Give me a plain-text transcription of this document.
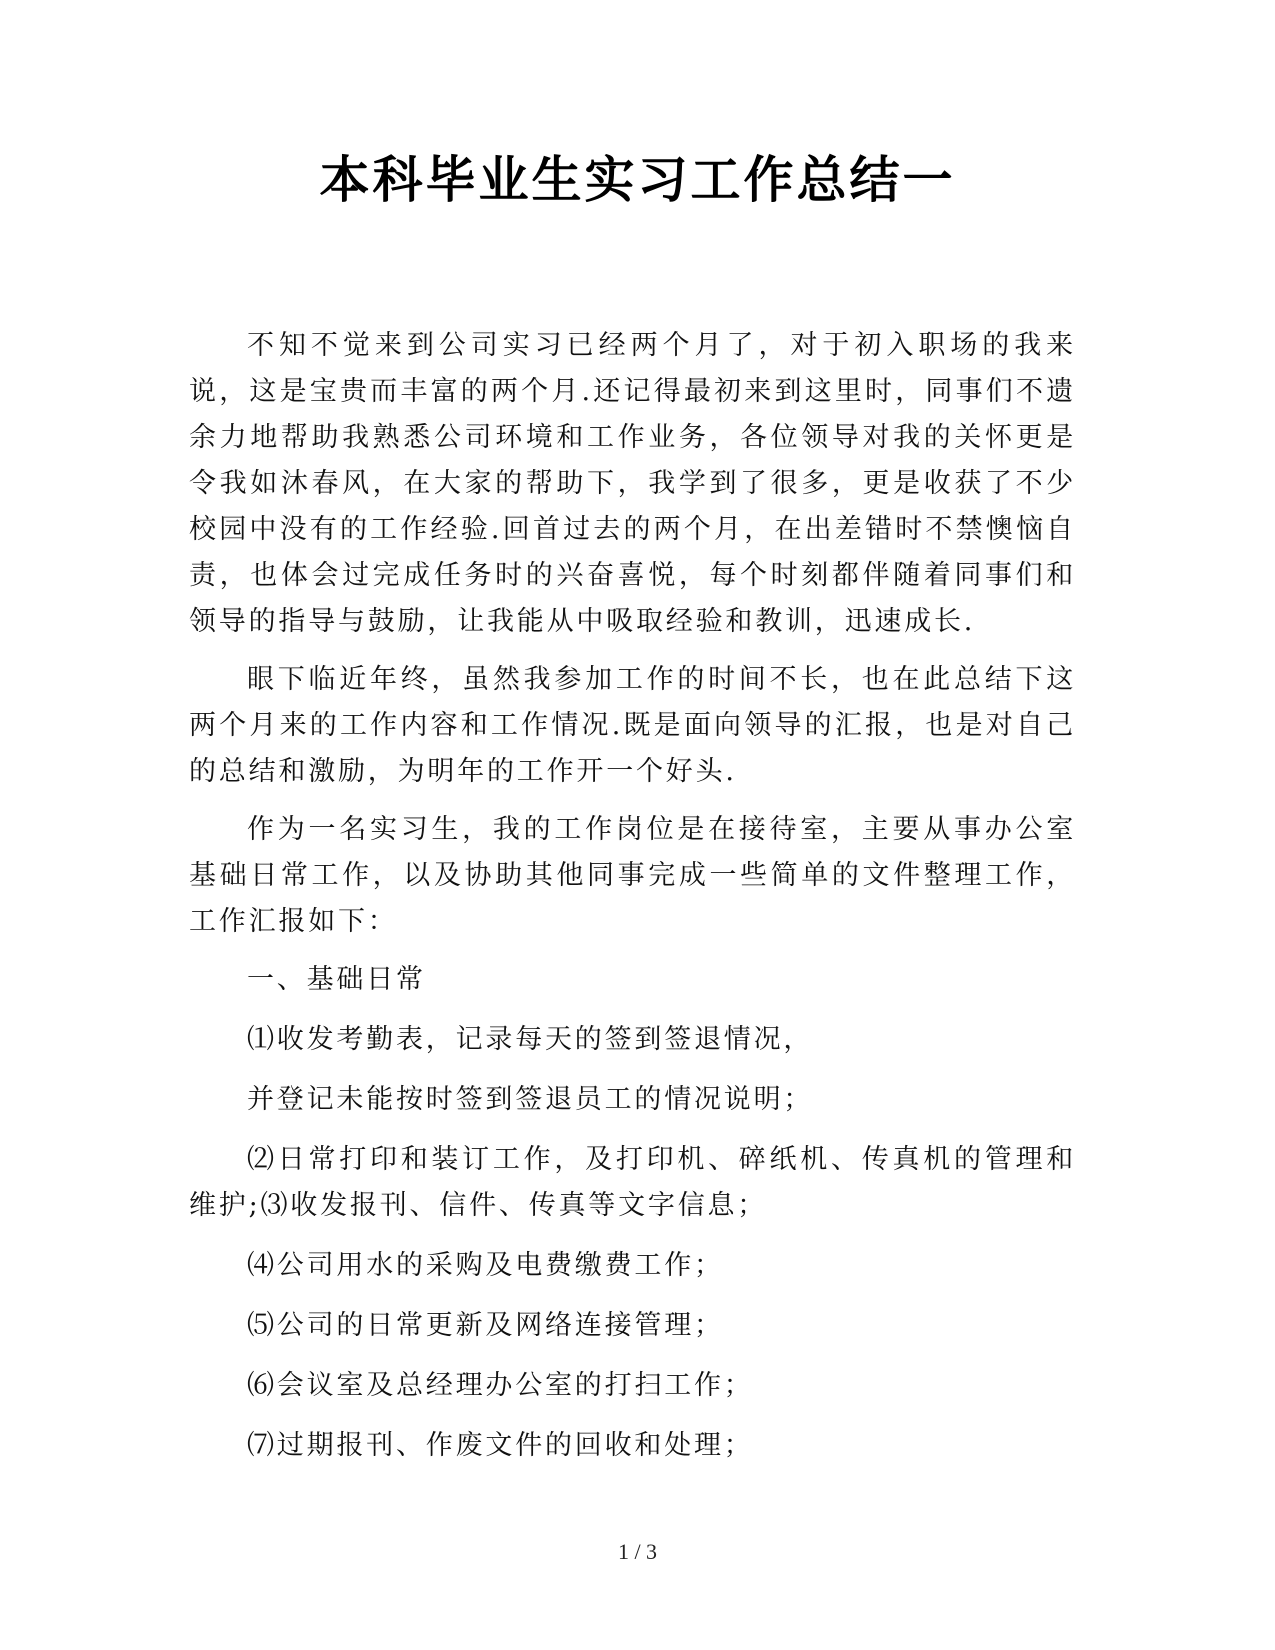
本科毕业生实习工作总结一

不知不觉来到公司实习已经两个月了，对于初入职场的我来说，这是宝贵而丰富的两个月.还记得最初来到这里时，同事们不遗余力地帮助我熟悉公司环境和工作业务，各位领导对我的关怀更是令我如沐春风，在大家的帮助下，我学到了很多，更是收获了不少校园中没有的工作经验.回首过去的两个月，在出差错时不禁懊恼自责，也体会过完成任务时的兴奋喜悦，每个时刻都伴随着同事们和领导的指导与鼓励，让我能从中吸取经验和教训，迅速成长.

眼下临近年终，虽然我参加工作的时间不长，也在此总结下这两个月来的工作内容和工作情况.既是面向领导的汇报，也是对自己的总结和激励，为明年的工作开一个好头.

作为一名实习生，我的工作岗位是在接待室，主要从事办公室基础日常工作，以及协助其他同事完成一些简单的文件整理工作，工作汇报如下：

一、基础日常

⑴收发考勤表，记录每天的签到签退情况，

并登记未能按时签到签退员工的情况说明；

⑵日常打印和装订工作，及打印机、碎纸机、传真机的管理和维护;⑶收发报刊、信件、传真等文字信息；

⑷公司用水的采购及电费缴费工作；

⑸公司的日常更新及网络连接管理；

⑹会议室及总经理办公室的打扫工作；

⑺过期报刊、作废文件的回收和处理；

1 / 3
